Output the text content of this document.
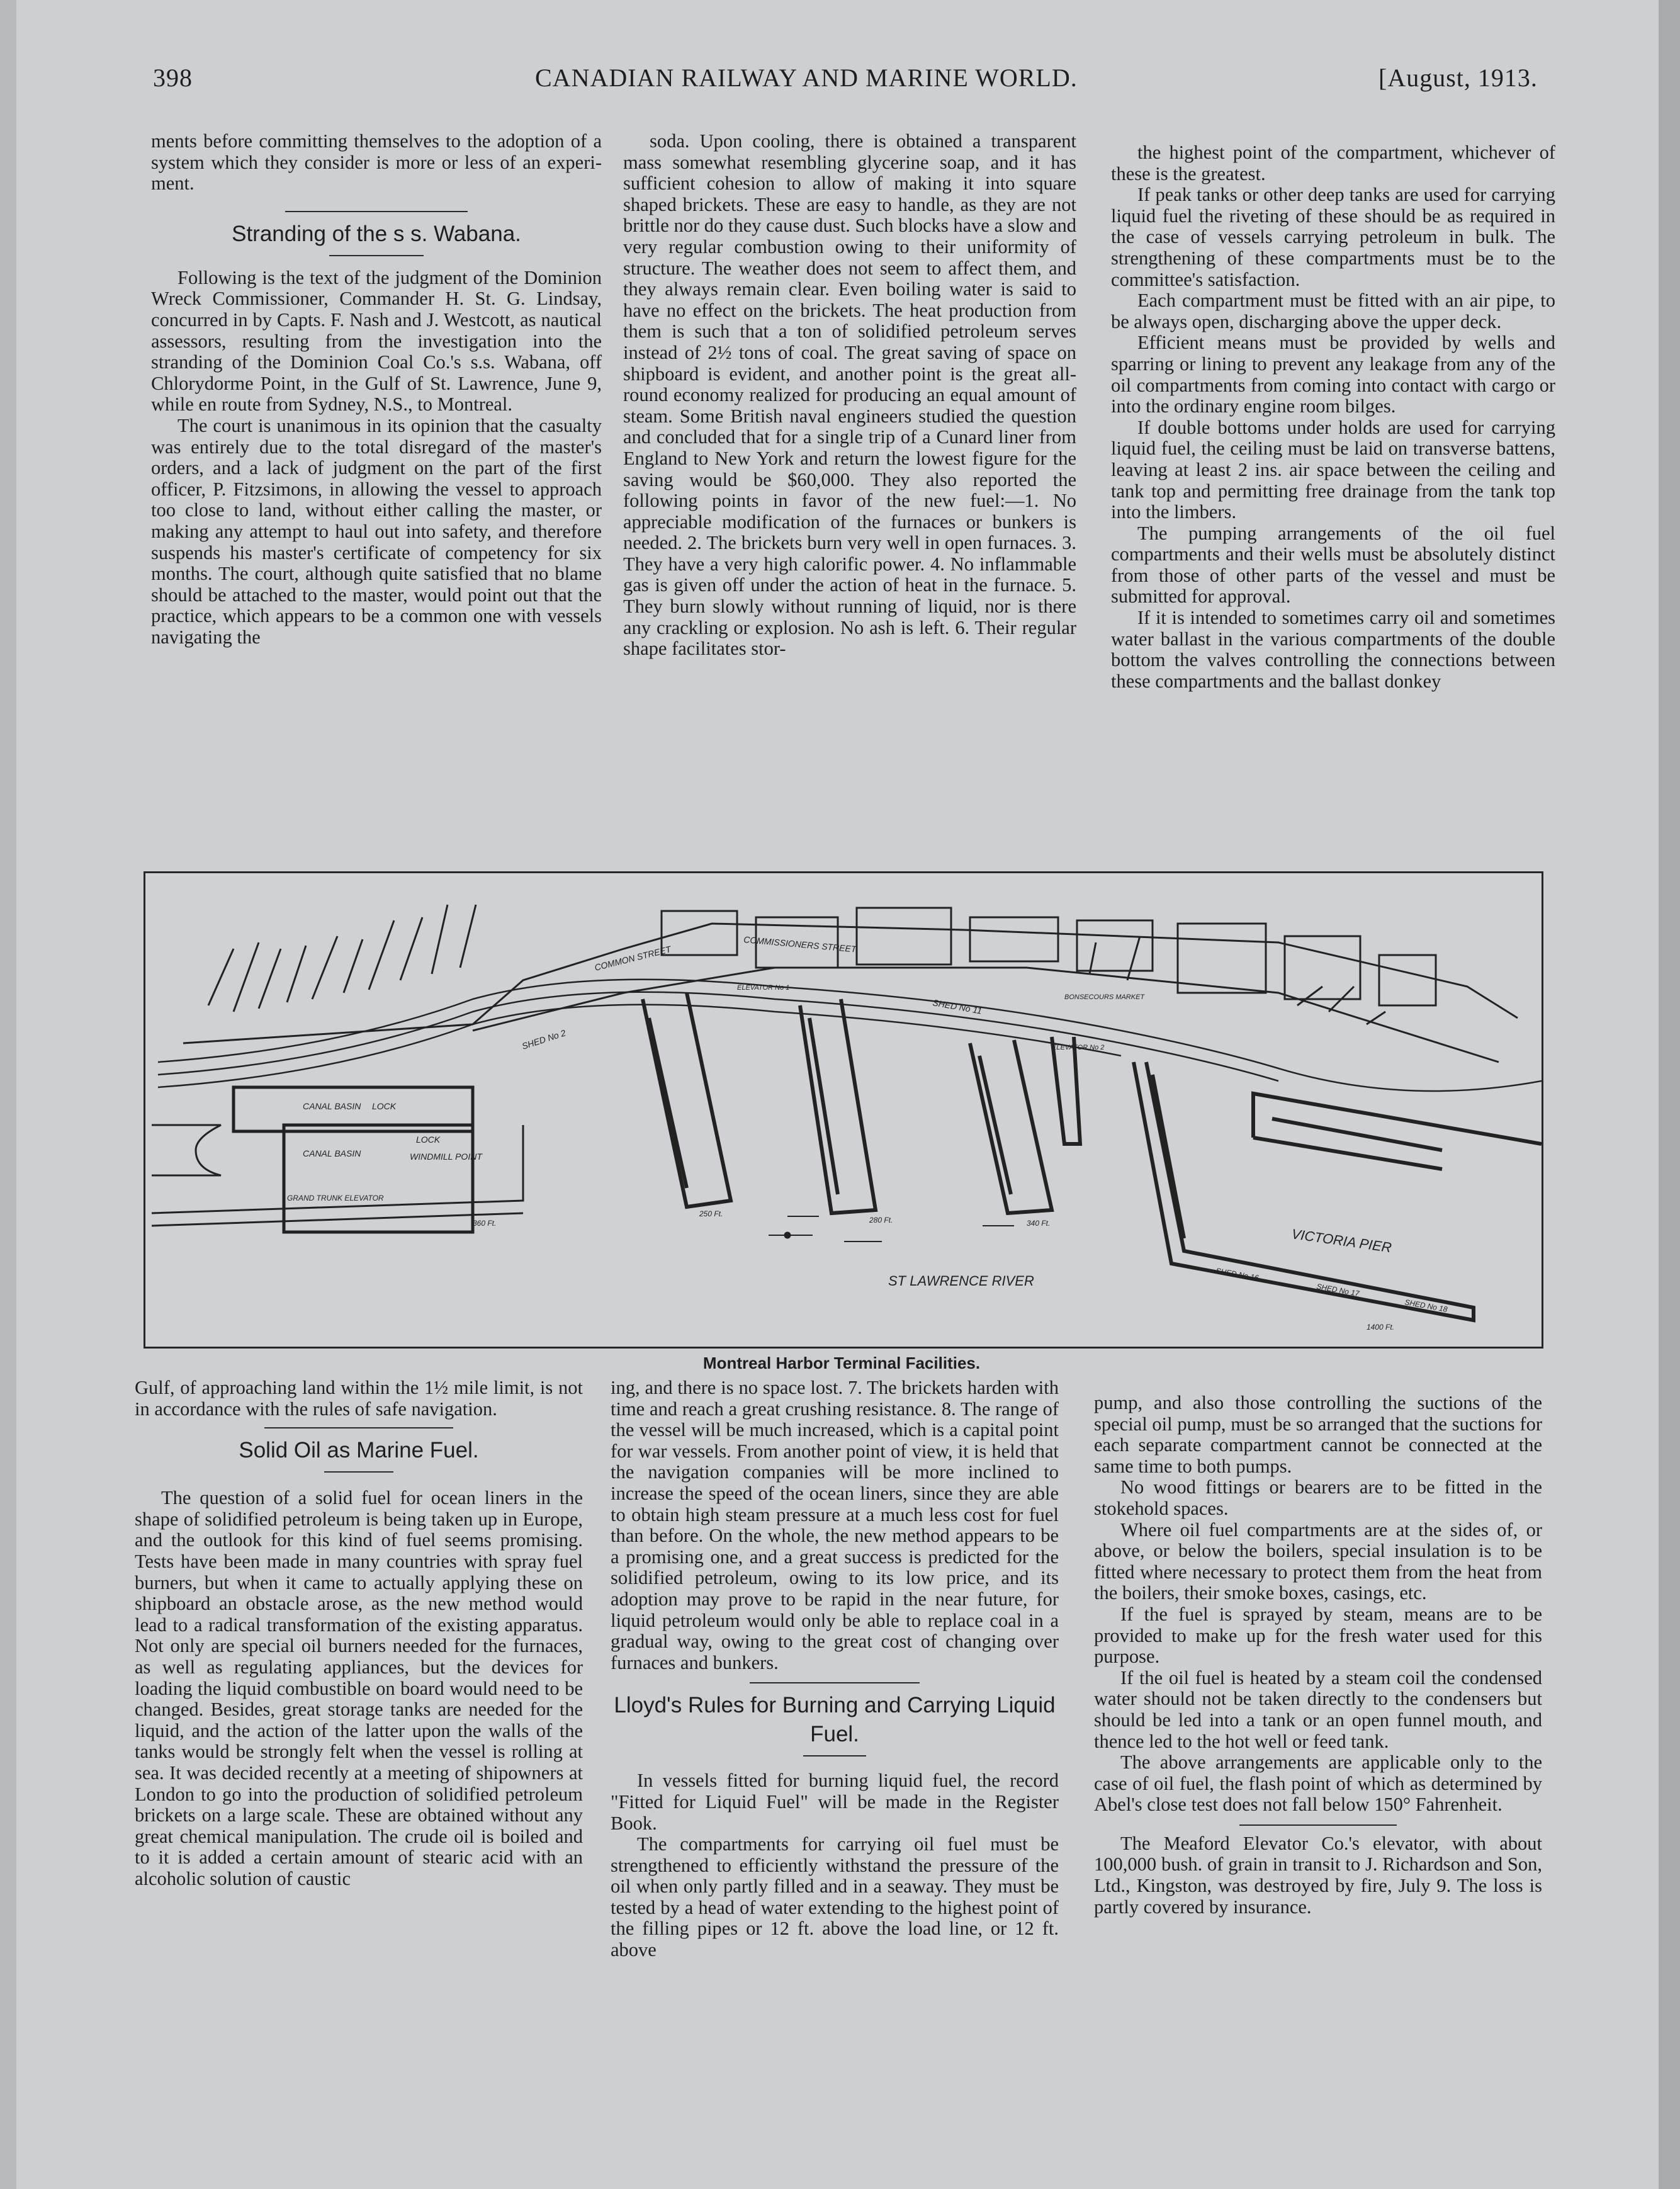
398	CANADIAN RAILWAY AND MARINE WORLD.	[August, 1913.

ments before committing themselves to the adoption of a system which they consider is more or less of an experi-ment.

Stranding of the s s. Wabana.

Following is the text of the judgment of the Dominion Wreck Commissioner, Commander H. St. G. Lindsay, concurred in by Capts. F. Nash and J. Westcott, as nautical assessors, resulting from the investigation into the stranding of the Dominion Coal Co.'s s.s. Wabana, off Chlorydorme Point, in the Gulf of St. Lawrence, June 9, while en route from Sydney, N.S., to Montreal.

The court is unanimous in its opinion that the casualty was entirely due to the total disregard of the master's orders, and a lack of judgment on the part of the first officer, P. Fitzsimons, in allowing the vessel to approach too close to land, without either calling the master, or making any attempt to haul out into safety, and therefore suspends his master's certificate of competency for six months. The court, although quite satisfied that no blame should be attached to the master, would point out that the practice, which appears to be a common one with vessels navigating the

soda. Upon cooling, there is obtained a transparent mass somewhat resembling glycerine soap, and it has sufficient cohesion to allow of making it into square shaped brickets. These are easy to handle, as they are not brittle nor do they cause dust. Such blocks have a slow and very regular combustion owing to their uniformity of structure. The weather does not seem to affect them, and they always remain clear. Even boiling water is said to have no effect on the brickets. The heat production from them is such that a ton of solidified petroleum serves instead of 2½ tons of coal. The great saving of space on shipboard is evident, and another point is the great all-round economy realized for producing an equal amount of steam. Some British naval engineers studied the question and concluded that for a single trip of a Cunard liner from England to New York and return the lowest figure for the saving would be $60,000. They also reported the following points in favor of the new fuel:—1. No appreciable modification of the furnaces or bunkers is needed. 2. The brickets burn very well in open furnaces. 3. They have a very high calorific power. 4. No inflammable gas is given off under the action of heat in the furnace. 5. They burn slowly without running of liquid, nor is there any crackling or explosion. No ash is left. 6. Their regular shape facilitates stor-

the highest point of the compartment, whichever of these is the greatest.

If peak tanks or other deep tanks are used for carrying liquid fuel the riveting of these should be as required in the case of vessels carrying petroleum in bulk. The strengthening of these compartments must be to the committee's satisfaction.

Each compartment must be fitted with an air pipe, to be always open, discharging above the upper deck.

Efficient means must be provided by wells and sparring or lining to prevent any leakage from any of the oil compartments from coming into contact with cargo or into the ordinary engine room bilges.

If double bottoms under holds are used for carrying liquid fuel, the ceiling must be laid on transverse battens, leaving at least 2 ins. air space between the ceiling and tank top and permitting free drainage from the tank top into the limbers.

The pumping arrangements of the oil fuel compartments and their wells must be absolutely distinct from those of other parts of the vessel and must be submitted for approval.

If it is intended to sometimes carry oil and sometimes water ballast in the various compartments of the double bottom the valves controlling the connections between these compartments and the ballast donkey

ST LAWRENCE RIVER
VICTORIA PIER
CANAL BASIN LOCK
CANAL BASIN
LOCK
WINDMILL POINT
GRAND TRUNK ELEVATOR
COMMON STREET	COMMISSIONERS STREET
SHED No 2
SHED No 11
ELEVATOR No 1
ELEVATOR No 2
BONSECOURS MARKET
SHED No 16
SHED No 17
SHED No 18
1400 Ft.
360 Ft.
250 Ft.
280 Ft.	340 Ft.
Montreal Harbor Terminal Facilities.

Gulf, of approaching land within the 1½ mile limit, is not in accordance with the rules of safe navigation.

Solid Oil as Marine Fuel.

The question of a solid fuel for ocean liners in the shape of solidified petroleum is being taken up in Europe, and the outlook for this kind of fuel seems promising. Tests have been made in many countries with spray fuel burners, but when it came to actually applying these on shipboard an obstacle arose, as the new method would lead to a radical transformation of the existing apparatus. Not only are special oil burners needed for the furnaces, as well as regulating appliances, but the devices for loading the liquid combustible on board would need to be changed. Besides, great storage tanks are needed for the liquid, and the action of the latter upon the walls of the tanks would be strongly felt when the vessel is rolling at sea. It was decided recently at a meeting of shipowners at London to go into the production of solidified petroleum brickets on a large scale. These are obtained without any great chemical manipulation. The crude oil is boiled and to it is added a certain amount of stearic acid with an alcoholic solution of caustic

ing, and there is no space lost. 7. The brickets harden with time and reach a great crushing resistance. 8. The range of the vessel will be much increased, which is a capital point for war vessels. From another point of view, it is held that the navigation companies will be more inclined to increase the speed of the ocean liners, since they are able to obtain high steam pressure at a much less cost for fuel than before. On the whole, the new method appears to be a promising one, and a great success is predicted for the solidified petroleum, owing to its low price, and its adoption may prove to be rapid in the near future, for liquid petroleum would only be able to replace coal in a gradual way, owing to the great cost of changing over furnaces and bunkers.

Lloyd's Rules for Burning and Carrying Liquid Fuel.

In vessels fitted for burning liquid fuel, the record "Fitted for Liquid Fuel" will be made in the Register Book.

The compartments for carrying oil fuel must be strengthened to efficiently withstand the pressure of the oil when only partly filled and in a seaway. They must be tested by a head of water extending to the highest point of the filling pipes or 12 ft. above the load line, or 12 ft. above

pump, and also those controlling the suctions of the special oil pump, must be so arranged that the suctions for each separate compartment cannot be connected at the same time to both pumps.

No wood fittings or bearers are to be fitted in the stokehold spaces.

Where oil fuel compartments are at the sides of, or above, or below the boilers, special insulation is to be fitted where necessary to protect them from the heat from the boilers, their smoke boxes, casings, etc.

If the fuel is sprayed by steam, means are to be provided to make up for the fresh water used for this purpose.

If the oil fuel is heated by a steam coil the condensed water should not be taken directly to the condensers but should be led into a tank or an open funnel mouth, and thence led to the hot well or feed tank.

The above arrangements are applicable only to the case of oil fuel, the flash point of which as determined by Abel's close test does not fall below 150° Fahrenheit.

The Meaford Elevator Co.'s elevator, with about 100,000 bush. of grain in transit to J. Richardson and Son, Ltd., Kingston, was destroyed by fire, July 9. The loss is partly covered by insurance.
